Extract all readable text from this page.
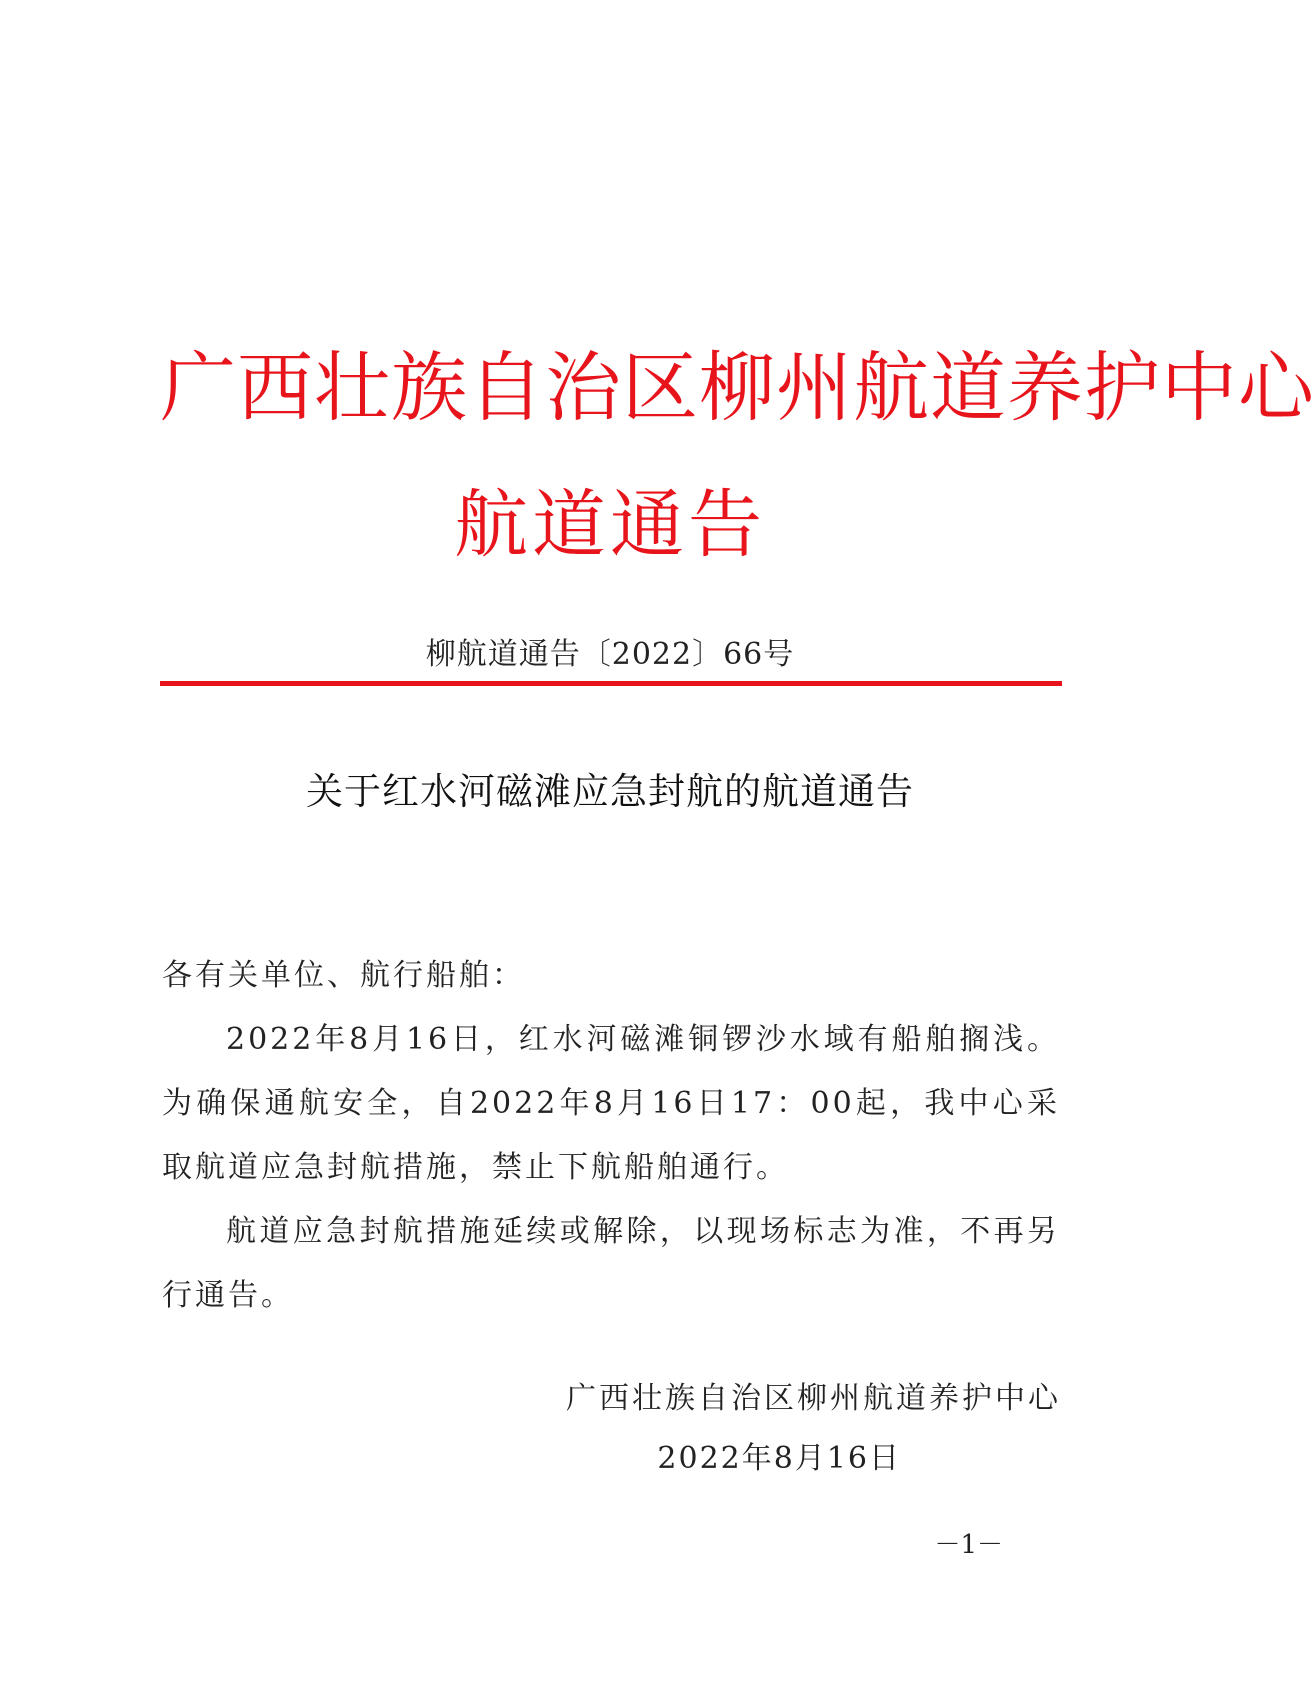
广西壮族自治区柳州航道养护中心
航道通告
柳航道通告〔2022〕66号
关于红水河磁滩应急封航的航道通告
各有关单位、航行船舶：
2022年8月16日，红水河磁滩铜锣沙水域有船舶搁浅。为确保通航安全，自2022年8月16日17：00起，我中心采取航道应急封航措施，禁止下航船舶通行。
航道应急封航措施延续或解除，以现场标志为准，不再另行通告。
广西壮族自治区柳州航道养护中心
2022年8月16日
－1－
